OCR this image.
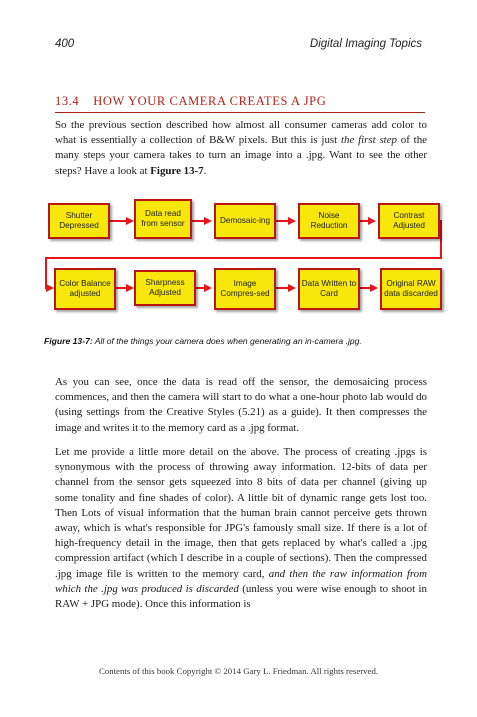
400	Digital Imaging Topics
13.4 HOW YOUR CAMERA CREATES A JPG

So the previous section described how almost all consumer cameras add color to what is essentially a collection of B&W pixels. But this is just the first step of the many steps your camera takes to turn an image into a .jpg. Want to see the other steps? Have a look at Figure 13-7.

Shutter Depressed
Data read from sensor	Demosaic-ing
Noise Reduction
Contrast Adjusted
Color Balance adjusted
Sharpness Adjusted
Image Compres-sed
Data Written to Card
Original RAW data discarded
Figure 13-7: All of the things your camera does when generating an in-camera .jpg.

As you can see, once the data is read off the sensor, the demosaicing process commences, and then the camera will start to do what a one-hour photo lab would do (using settings from the Creative Styles (5.21) as a guide). It then compresses the image and writes it to the memory card as a .jpg format.

Let me provide a little more detail on the above. The process of creating .jpgs is synonymous with the process of throwing away information. 12-bits of data per channel from the sensor gets squeezed into 8 bits of data per channel (giving up some tonality and fine shades of color). A little bit of dynamic range gets lost too. Then Lots of visual information that the human brain cannot perceive gets thrown away, which is what's responsible for JPG's famously small size. If there is a lot of high-frequency detail in the image, then that gets replaced by what's called a .jpg compression artifact (which I describe in a couple of sections). Then the compressed .jpg image file is written to the memory card, and then the raw information from which the .jpg was produced is discarded (unless you were wise enough to shoot in RAW + JPG mode). Once this information is

Contents of this book Copyright © 2014 Gary L. Friedman. All rights reserved.
